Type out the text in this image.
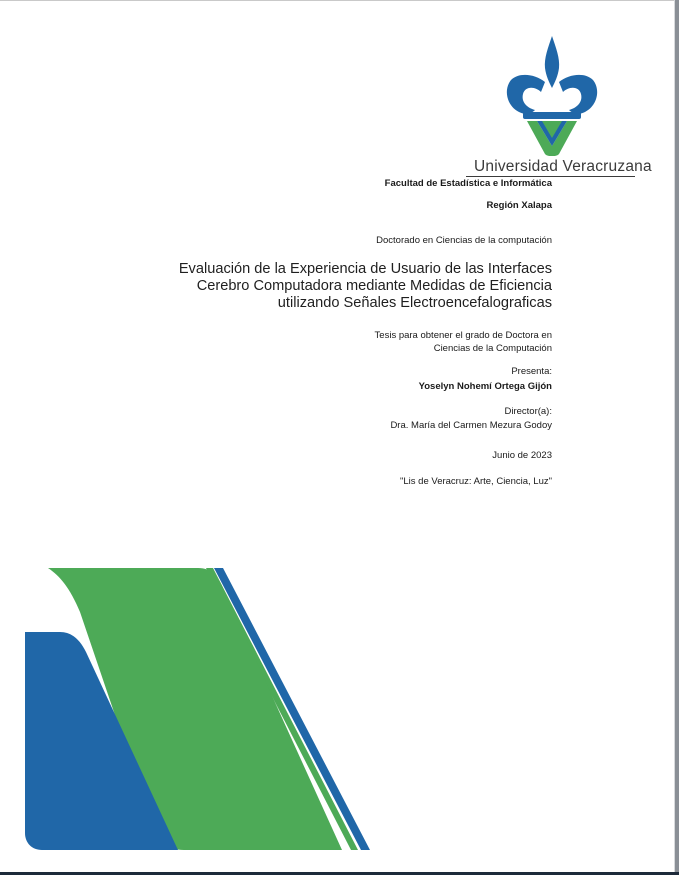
Universidad Veracruzana
Facultad de Estadística e Informática
Región Xalapa
Doctorado en Ciencias de la computación
Evaluación de la Experiencia de Usuario de las Interfaces
Cerebro Computadora mediante Medidas de Eficiencia
utilizando Señales Electroencefalograficas
Tesis para obtener el grado de Doctora en
Ciencias de la Computación
Presenta:
Yoselyn Nohemí Ortega Gijón
Director(a):
Dra. María del Carmen Mezura Godoy
Junio de 2023
"Lis de Veracruz: Arte, Ciencia, Luz"
